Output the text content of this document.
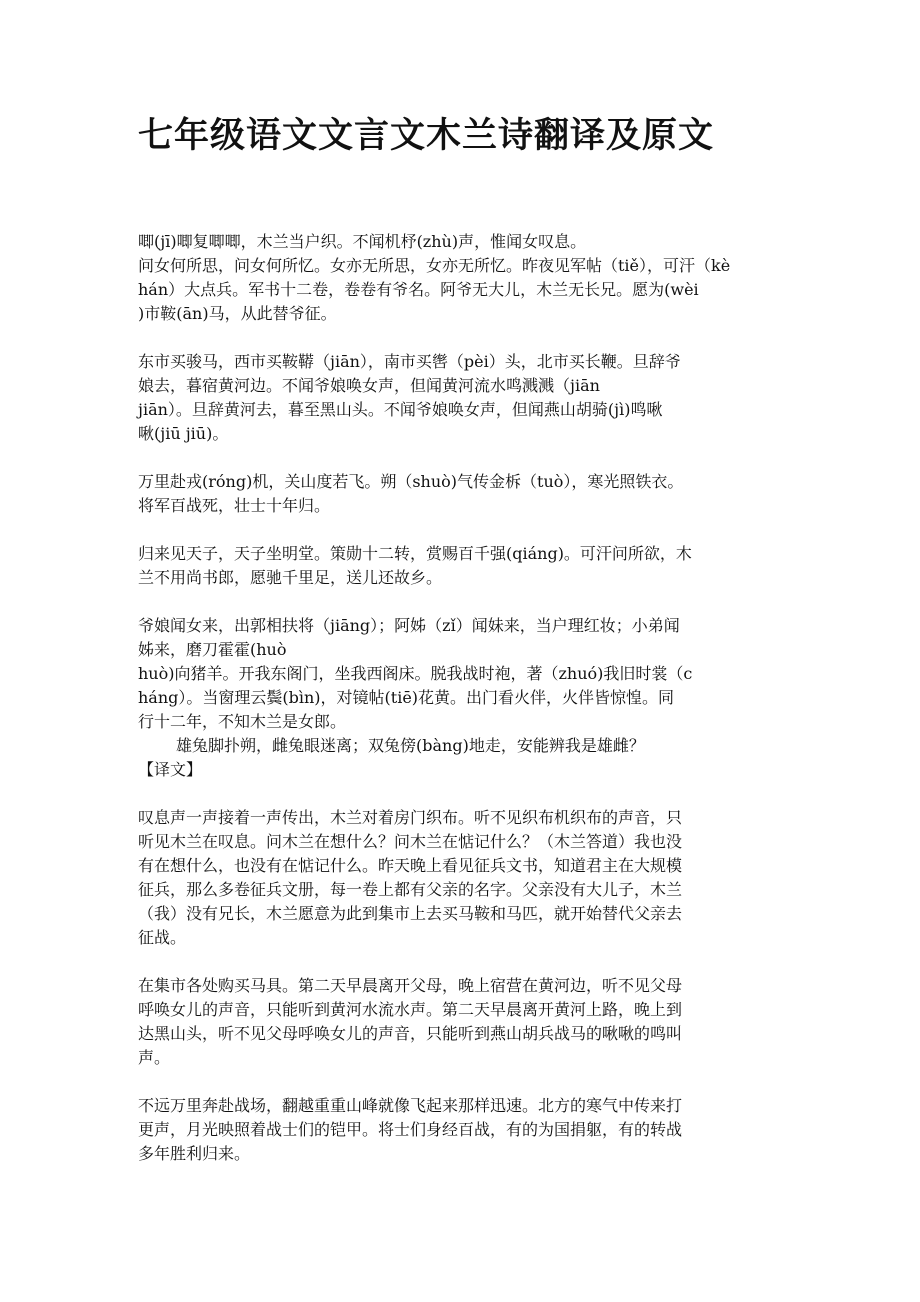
七年级语文文言文木兰诗翻译及原文
唧(jī)唧复唧唧，木兰当户织。不闻机杼(zhù)声，惟闻女叹息。
问女何所思，问女何所忆。女亦无所思，女亦无所忆。昨夜见军帖（tiě），可汗（kè
hán）大点兵。军书十二卷，卷卷有爷名。阿爷无大儿，木兰无长兄。愿为(wèi
)市鞍(ān)马，从此替爷征。
东市买骏马，西市买鞍鞯（jiān），南市买辔（pèi）头，北市买长鞭。旦辞爷
娘去，暮宿黄河边。不闻爷娘唤女声，但闻黄河流水鸣溅溅（jiān
jiān）。旦辞黄河去，暮至黑山头。不闻爷娘唤女声，但闻燕山胡骑(jì)鸣啾
啾(jiū jiū)。
万里赴戎(róng)机，关山度若飞。朔（shuò)气传金柝（tuò），寒光照铁衣。
将军百战死，壮士十年归。
归来见天子，天子坐明堂。策勋十二转，赏赐百千强(qiáng)。可汗问所欲，木
兰不用尚书郎，愿驰千里足，送儿还故乡。
爷娘闻女来，出郭相扶将（jiāng）；阿姊（zǐ）闻妹来，当户理红妆；小弟闻
姊来，磨刀霍霍(huò
huò)向猪羊。开我东阁门，坐我西阁床。脱我战时袍，著（zhuó)我旧时裳（c
háng）。当窗理云鬓(bìn)，对镜帖(tiē)花黄。出门看火伴，火伴皆惊惶。同
行十二年，不知木兰是女郎。
雄兔脚扑朔，雌兔眼迷离；双兔傍(bàng)地走，安能辨我是雄雌？
【译文】
叹息声一声接着一声传出，木兰对着房门织布。听不见织布机织布的声音，只
听见木兰在叹息。问木兰在想什么？问木兰在惦记什么？（木兰答道）我也没
有在想什么，也没有在惦记什么。昨天晚上看见征兵文书，知道君主在大规模
征兵，那么多卷征兵文册，每一卷上都有父亲的名字。父亲没有大儿子，木兰
（我）没有兄长，木兰愿意为此到集市上去买马鞍和马匹，就开始替代父亲去
征战。
在集市各处购买马具。第二天早晨离开父母，晚上宿营在黄河边，听不见父母
呼唤女儿的声音，只能听到黄河水流水声。第二天早晨离开黄河上路，晚上到
达黑山头，听不见父母呼唤女儿的声音，只能听到燕山胡兵战马的啾啾的鸣叫
声。
不远万里奔赴战场，翻越重重山峰就像飞起来那样迅速。北方的寒气中传来打
更声，月光映照着战士们的铠甲。将士们身经百战，有的为国捐躯，有的转战
多年胜利归来。
